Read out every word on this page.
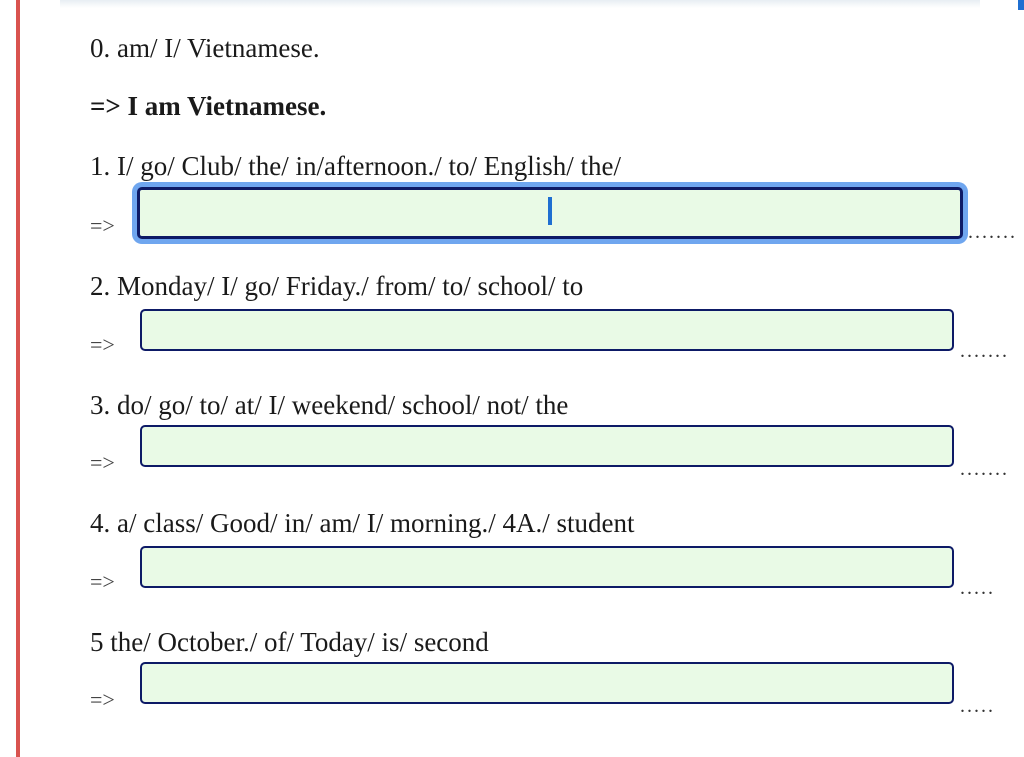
0. am/ I/ Vietnamese.
=> I am Vietnamese.
1. I/ go/ Club/ the/ in/afternoon./ to/ English/ the/
=>	.......
2. Monday/ I/ go/ Friday./ from/ to/ school/ to
=>	.......
3. do/ go/ to/ at/ I/ weekend/ school/ not/ the
=>	.......
4. a/ class/ Good/ in/ am/ I/ morning./ 4A./ student
=>	.....
5 the/ October./ of/ Today/ is/ second
=>	.....
